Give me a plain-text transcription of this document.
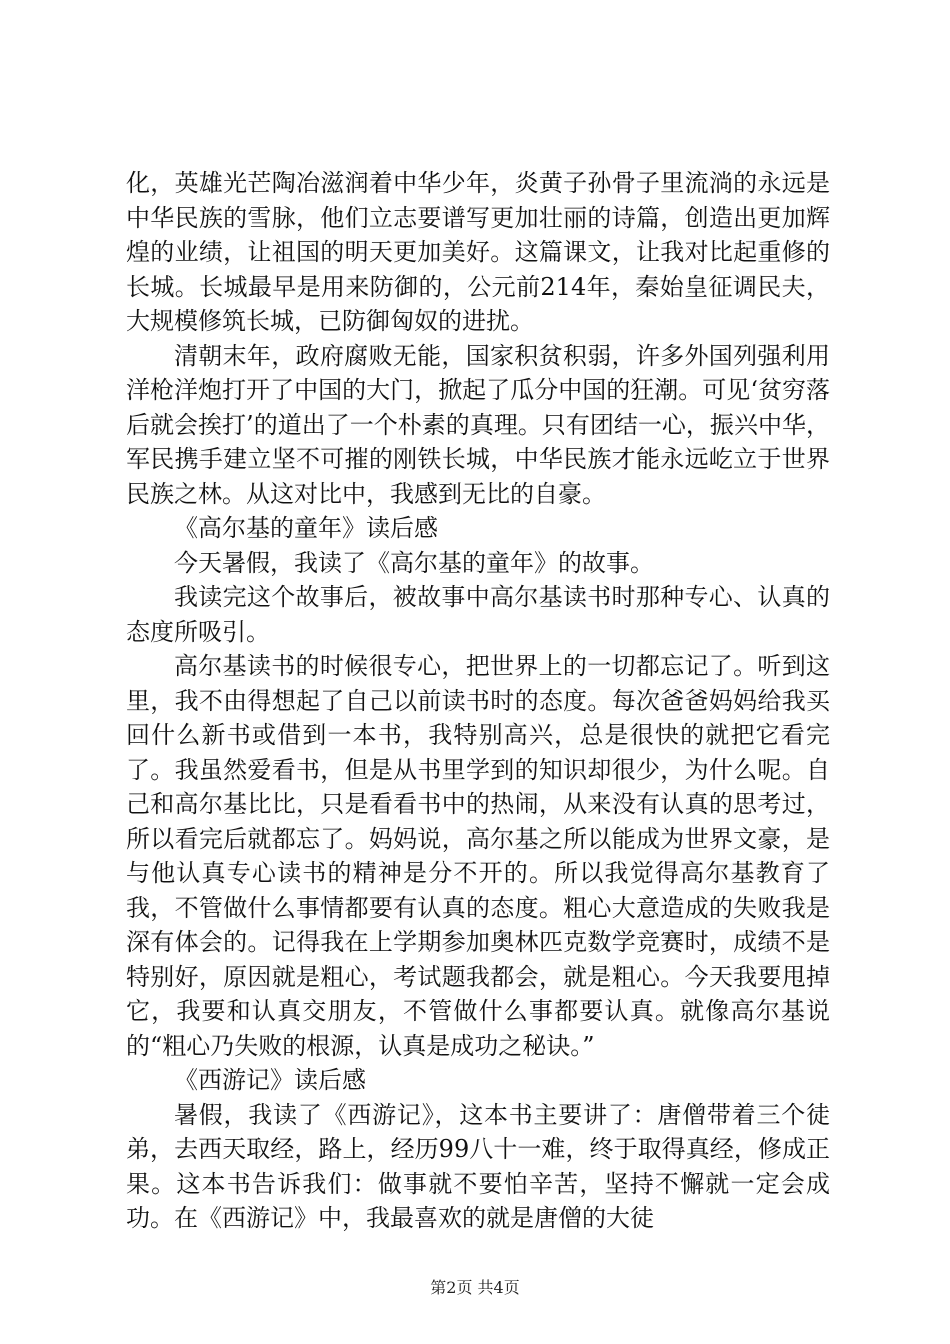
化，英雄光芒陶冶滋润着中华少年，炎黄子孙骨子里流淌的永远是中华民族的雪脉，他们立志要谱写更加壮丽的诗篇，创造出更加辉煌的业绩，让祖国的明天更加美好。这篇课文，让我对比起重修的长城。长城最早是用来防御的，公元前214年，秦始皇征调民夫，大规模修筑长城，已防御匈奴的进扰。

清朝末年，政府腐败无能，国家积贫积弱，许多外国列强利用洋枪洋炮打开了中国的大门，掀起了瓜分中国的狂潮。可见‘贫穷落后就会挨打’的道出了一个朴素的真理。只有团结一心，振兴中华，军民携手建立坚不可摧的刚铁长城，中华民族才能永远屹立于世界民族之林。从这对比中，我感到无比的自豪。

《高尔基的童年》读后感

今天暑假，我读了《高尔基的童年》的故事。

我读完这个故事后，被故事中高尔基读书时那种专心、认真的态度所吸引。

高尔基读书的时候很专心，把世界上的一切都忘记了。听到这里，我不由得想起了自己以前读书时的态度。每次爸爸妈妈给我买回什么新书或借到一本书，我特别高兴，总是很快的就把它看完了。我虽然爱看书，但是从书里学到的知识却很少，为什么呢。自己和高尔基比比，只是看看书中的热闹，从来没有认真的思考过，所以看完后就都忘了。妈妈说，高尔基之所以能成为世界文豪，是与他认真专心读书的精神是分不开的。所以我觉得高尔基教育了我，不管做什么事情都要有认真的态度。粗心大意造成的失败我是深有体会的。记得我在上学期参加奥林匹克数学竞赛时，成绩不是特别好，原因就是粗心，考试题我都会，就是粗心。今天我要甩掉它，我要和认真交朋友，不管做什么事都要认真。就像高尔基说的“粗心乃失败的根源，认真是成功之秘诀。”

《西游记》读后感

暑假，我读了《西游记》，这本书主要讲了：唐僧带着三个徒弟，去西天取经，路上，经历99八十一难，终于取得真经，修成正果。这本书告诉我们：做事就不要怕辛苦，坚持不懈就一定会成功。在《西游记》中，我最喜欢的就是唐僧的大徒

第2页 共4页
